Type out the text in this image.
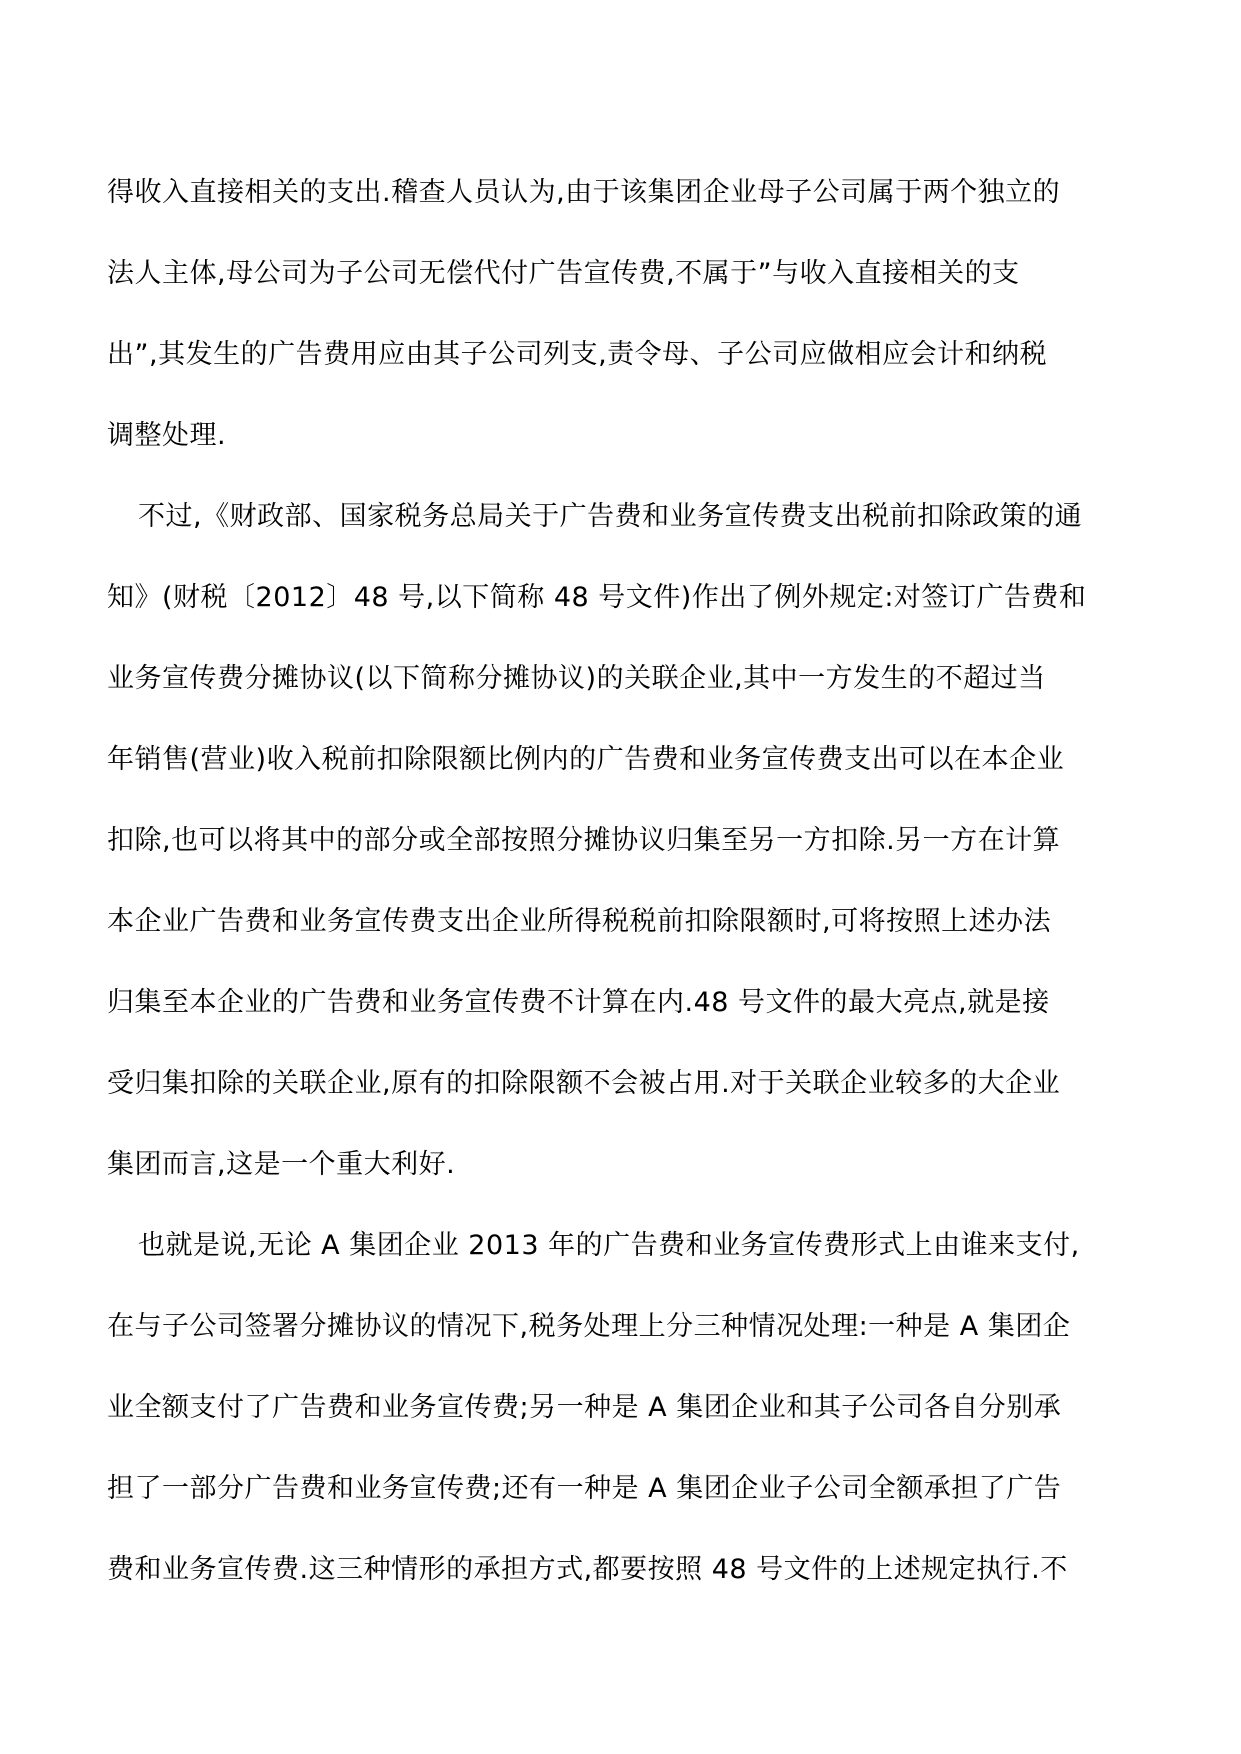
得收入直接相关的支出.稽查人员认为,由于该集团企业母子公司属于两个独立的
法人主体,母公司为子公司无偿代付广告宣传费,不属于”与收入直接相关的支
出”,其发生的广告费用应由其子公司列支,责令母、子公司应做相应会计和纳税
调整处理.
不过,《财政部、国家税务总局关于广告费和业务宣传费支出税前扣除政策的通
知》(财税〔2012〕48 号,以下简称 48 号文件)作出了例外规定:对签订广告费和
业务宣传费分摊协议(以下简称分摊协议)的关联企业,其中一方发生的不超过当
年销售(营业)收入税前扣除限额比例内的广告费和业务宣传费支出可以在本企业
扣除,也可以将其中的部分或全部按照分摊协议归集至另一方扣除.另一方在计算
本企业广告费和业务宣传费支出企业所得税税前扣除限额时,可将按照上述办法
归集至本企业的广告费和业务宣传费不计算在内.48 号文件的最大亮点,就是接
受归集扣除的关联企业,原有的扣除限额不会被占用.对于关联企业较多的大企业
集团而言,这是一个重大利好.
也就是说,无论 A 集团企业 2013 年的广告费和业务宣传费形式上由谁来支付,
在与子公司签署分摊协议的情况下,税务处理上分三种情况处理:一种是 A 集团企
业全额支付了广告费和业务宣传费;另一种是 A 集团企业和其子公司各自分别承
担了一部分广告费和业务宣传费;还有一种是 A 集团企业子公司全额承担了广告
费和业务宣传费.这三种情形的承担方式,都要按照 48 号文件的上述规定执行.不
